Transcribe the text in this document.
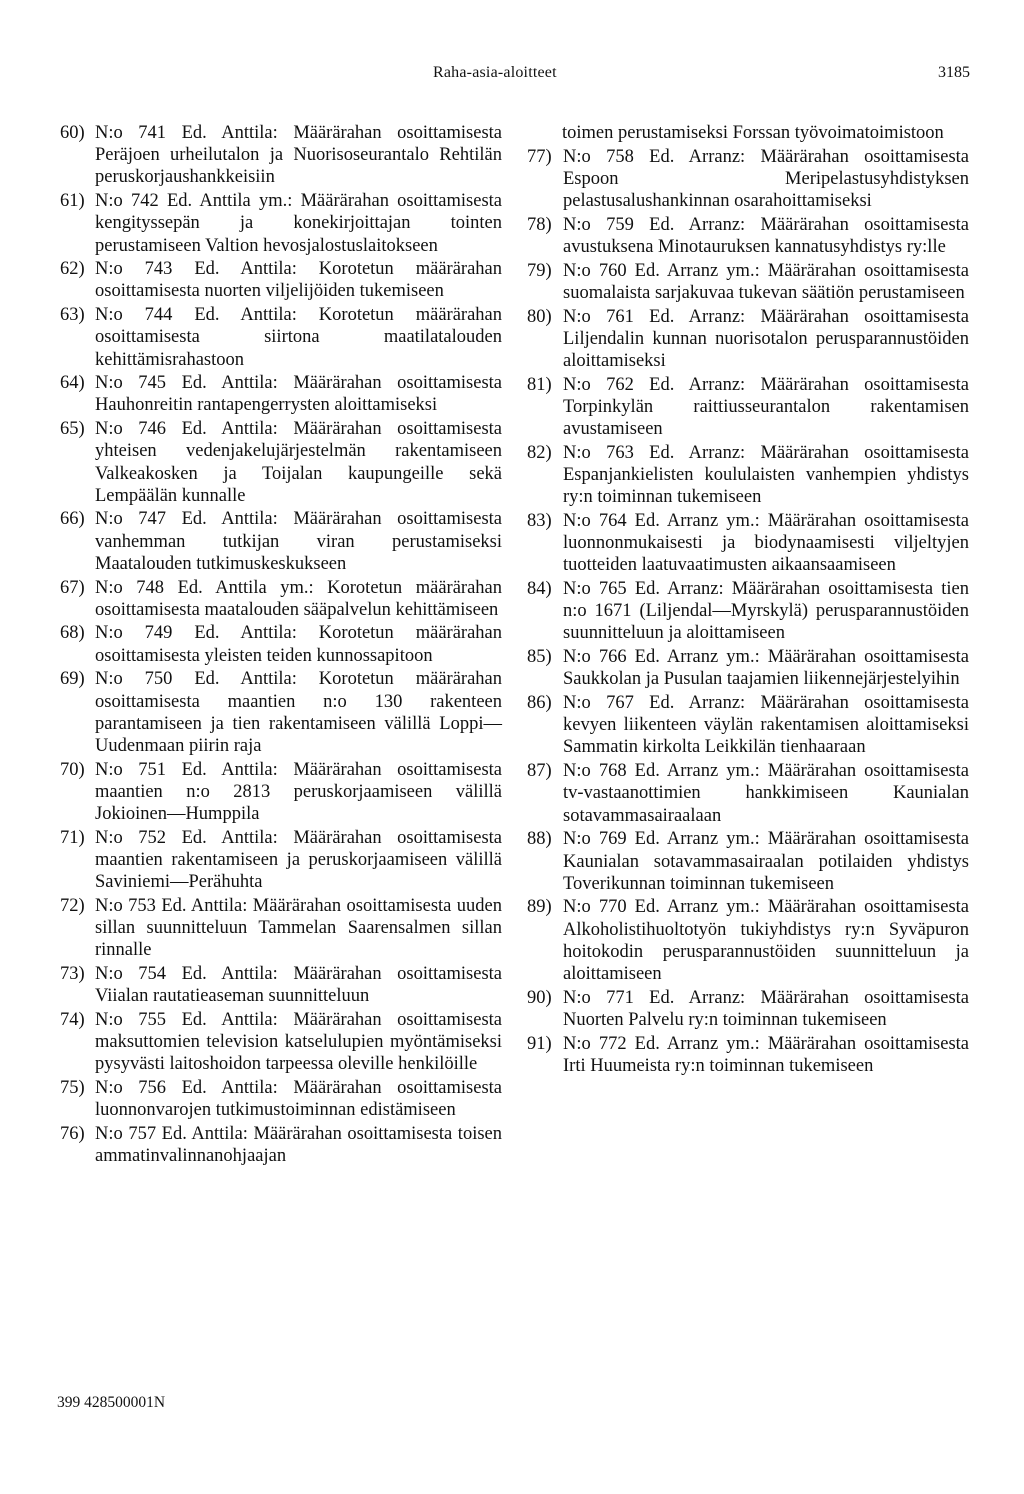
Raha-asia-aloitteet	3185
60) N:o 741 Ed. Anttila: Määrärahan osoittamisesta Peräjoen urheilutalon ja Nuorisoseurantalo Rehtilän peruskorjaushankkeisiin
61) N:o 742 Ed. Anttila ym.: Määrärahan osoittamisesta kengityssepän ja konekirjoittajan tointen perustamiseen Valtion hevosjalostuslaitokseen
62) N:o 743 Ed. Anttila: Korotetun määrärahan osoittamisesta nuorten viljelijöiden tukemiseen
63) N:o 744 Ed. Anttila: Korotetun määrärahan osoittamisesta siirtona maatilatalouden kehittämisrahastoon
64) N:o 745 Ed. Anttila: Määrärahan osoittamisesta Hauhonreitin rantapengerrysten aloittamiseksi
65) N:o 746 Ed. Anttila: Määrärahan osoittamisesta yhteisen vedenjakelujärjestelmän rakentamiseen Valkeakosken ja Toijalan kaupungeille sekä Lempäälän kunnalle
66) N:o 747 Ed. Anttila: Määrärahan osoittamisesta vanhemman tutkijan viran perustamiseksi Maatalouden tutkimuskeskukseen
67) N:o 748 Ed. Anttila ym.: Korotetun määrärahan osoittamisesta maatalouden sääpalvelun kehittämiseen
68) N:o 749 Ed. Anttila: Korotetun määrärahan osoittamisesta yleisten teiden kunnossapitoon
69) N:o 750 Ed. Anttila: Korotetun määrärahan osoittamisesta maantien n:o 130 rakenteen parantamiseen ja tien rakentamiseen välillä Loppi—Uudenmaan piirin raja
70) N:o 751 Ed. Anttila: Määrärahan osoittamisesta maantien n:o 2813 peruskorjaamiseen välillä Jokioinen—Humppila
71) N:o 752 Ed. Anttila: Määrärahan osoittamisesta maantien rakentamiseen ja peruskorjaamiseen välillä Saviniemi—Perähuhta
72) N:o 753 Ed. Anttila: Määrärahan osoittamisesta uuden sillan suunnitteluun Tammelan Saarensalmen sillan rinnalle
73) N:o 754 Ed. Anttila: Määrärahan osoittamisesta Viialan rautatieaseman suunnitteluun
74) N:o 755 Ed. Anttila: Määrärahan osoittamisesta maksuttomien television katselulupien myöntämiseksi pysyvästi laitoshoidon tarpeessa oleville henkilöille
75) N:o 756 Ed. Anttila: Määrärahan osoittamisesta luonnonvarojen tutkimustoiminnan edistämiseen
76) N:o 757 Ed. Anttila: Määrärahan osoittamisesta toisen ammatinvalinnanohjaajan
toimen perustamiseksi Forssan työvoimatoimistoon
77) N:o 758 Ed. Arranz: Määrärahan osoittamisesta Espoon Meripelastusyhdistyksen pelastusalushankinnan osarahoittamiseksi
78) N:o 759 Ed. Arranz: Määrärahan osoittamisesta avustuksena Minotauruksen kannatusyhdistys ry:lle
79) N:o 760 Ed. Arranz ym.: Määrärahan osoittamisesta suomalaista sarjakuvaa tukevan säätiön perustamiseen
80) N:o 761 Ed. Arranz: Määrärahan osoittamisesta Liljendalin kunnan nuorisotalon perusparannustöiden aloittamiseksi
81) N:o 762 Ed. Arranz: Määrärahan osoittamisesta Torpinkylän raittiusseurantalon rakentamisen avustamiseen
82) N:o 763 Ed. Arranz: Määrärahan osoittamisesta Espanjankielisten koululaisten vanhempien yhdistys ry:n toiminnan tukemiseen
83) N:o 764 Ed. Arranz ym.: Määrärahan osoittamisesta luonnonmukaisesti ja biodynaamisesti viljeltyjen tuotteiden laatuvaatimusten aikaansaamiseen
84) N:o 765 Ed. Arranz: Määrärahan osoittamisesta tien n:o 1671 (Liljendal—Myrskylä) perusparannustöiden suunnitteluun ja aloittamiseen
85) N:o 766 Ed. Arranz ym.: Määrärahan osoittamisesta Saukkolan ja Pusulan taajamien liikennejärjestelyihin
86) N:o 767 Ed. Arranz: Määrärahan osoittamisesta kevyen liikenteen väylän rakentamisen aloittamiseksi Sammatin kirkolta Leikkilän tienhaaraan
87) N:o 768 Ed. Arranz ym.: Määrärahan osoittamisesta tv-vastaanottimien hankkimiseen Kaunialan sotavammasairaalaan
88) N:o 769 Ed. Arranz ym.: Määrärahan osoittamisesta Kaunialan sotavammasairaalan potilaiden yhdistys Toverikunnan toiminnan tukemiseen
89) N:o 770 Ed. Arranz ym.: Määrärahan osoittamisesta Alkoholistihuoltotyön tukiyhdistys ry:n Syväpuron hoitokodin perusparannustöiden suunnitteluun ja aloittamiseen
90) N:o 771 Ed. Arranz: Määrärahan osoittamisesta Nuorten Palvelu ry:n toiminnan tukemiseen
91) N:o 772 Ed. Arranz ym.: Määrärahan osoittamisesta Irti Huumeista ry:n toiminnan tukemiseen
399 428500001N
